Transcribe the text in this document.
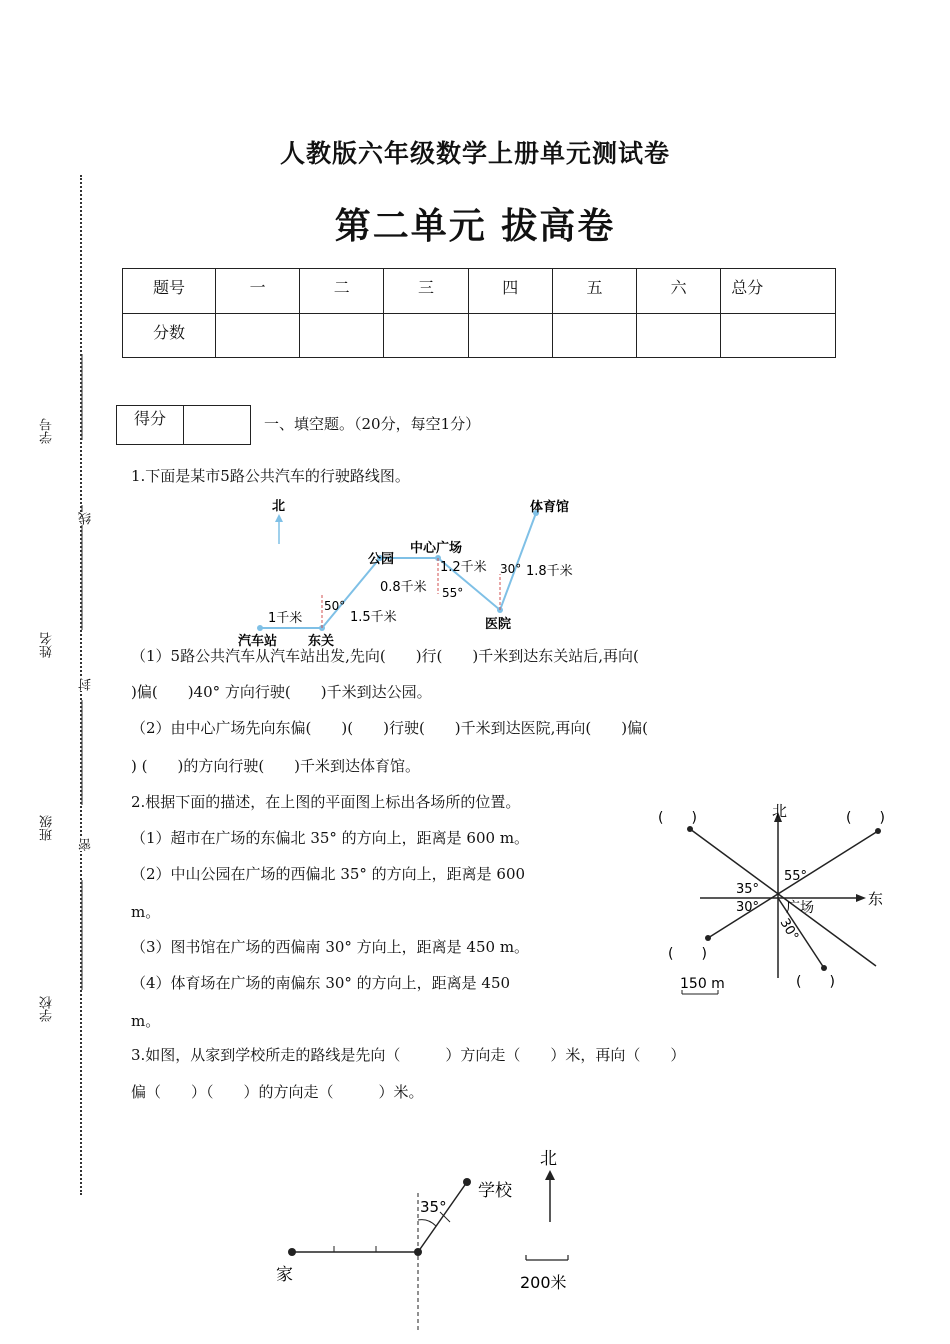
学号
姓名
班级
学校
线
封
密
人教版六年级数学上册单元测试卷
第二单元 拔高卷
题号	一	二	三	四	五	六	总分
分数							
得分	一、填空题。（20分，每空1分）
1.下面是某市5路公共汽车的行驶路线图。
北
汽车站 东关
公园
中心广场
医院
体育馆
1千米	1.5千米
0.8千米
1.2千米	1.8千米
50°
55°
30°
（1）5路公共汽车从汽车站出发,先向(　　)行(　　)千米到达东关站后,再向(
)偏(　　)40° 方向行驶(　　)千米到达公园。
（2）由中心广场先向东偏(　　)(　　)行驶(　　)千米到达医院,再向(　　)偏(
) (　　)的方向行驶(　　)千米到达体育馆。
2.根据下面的描述，在上图的平面图上标出各场所的位置。
（1）超市在广场的东偏北 35° 的方向上，距离是 600 m。
（2）中山公园在广场的西偏北 35° 的方向上，距离是 600
m。
（3）图书馆在广场的西偏南 30° 方向上，距离是 450 m。
（4）体育场在广场的南偏东 30° 的方向上，距离是 450
m。
北
东
广场
55°
35°
30°
30°
(　　)	(　　)
(　　)
(　　)
150 m
3.如图，从家到学校所走的路线是先向（　　　）方向走（　　）米，再向（　　）
偏（　　）（　　）的方向走（　　　）米。
家
学校
35°
北
200米
